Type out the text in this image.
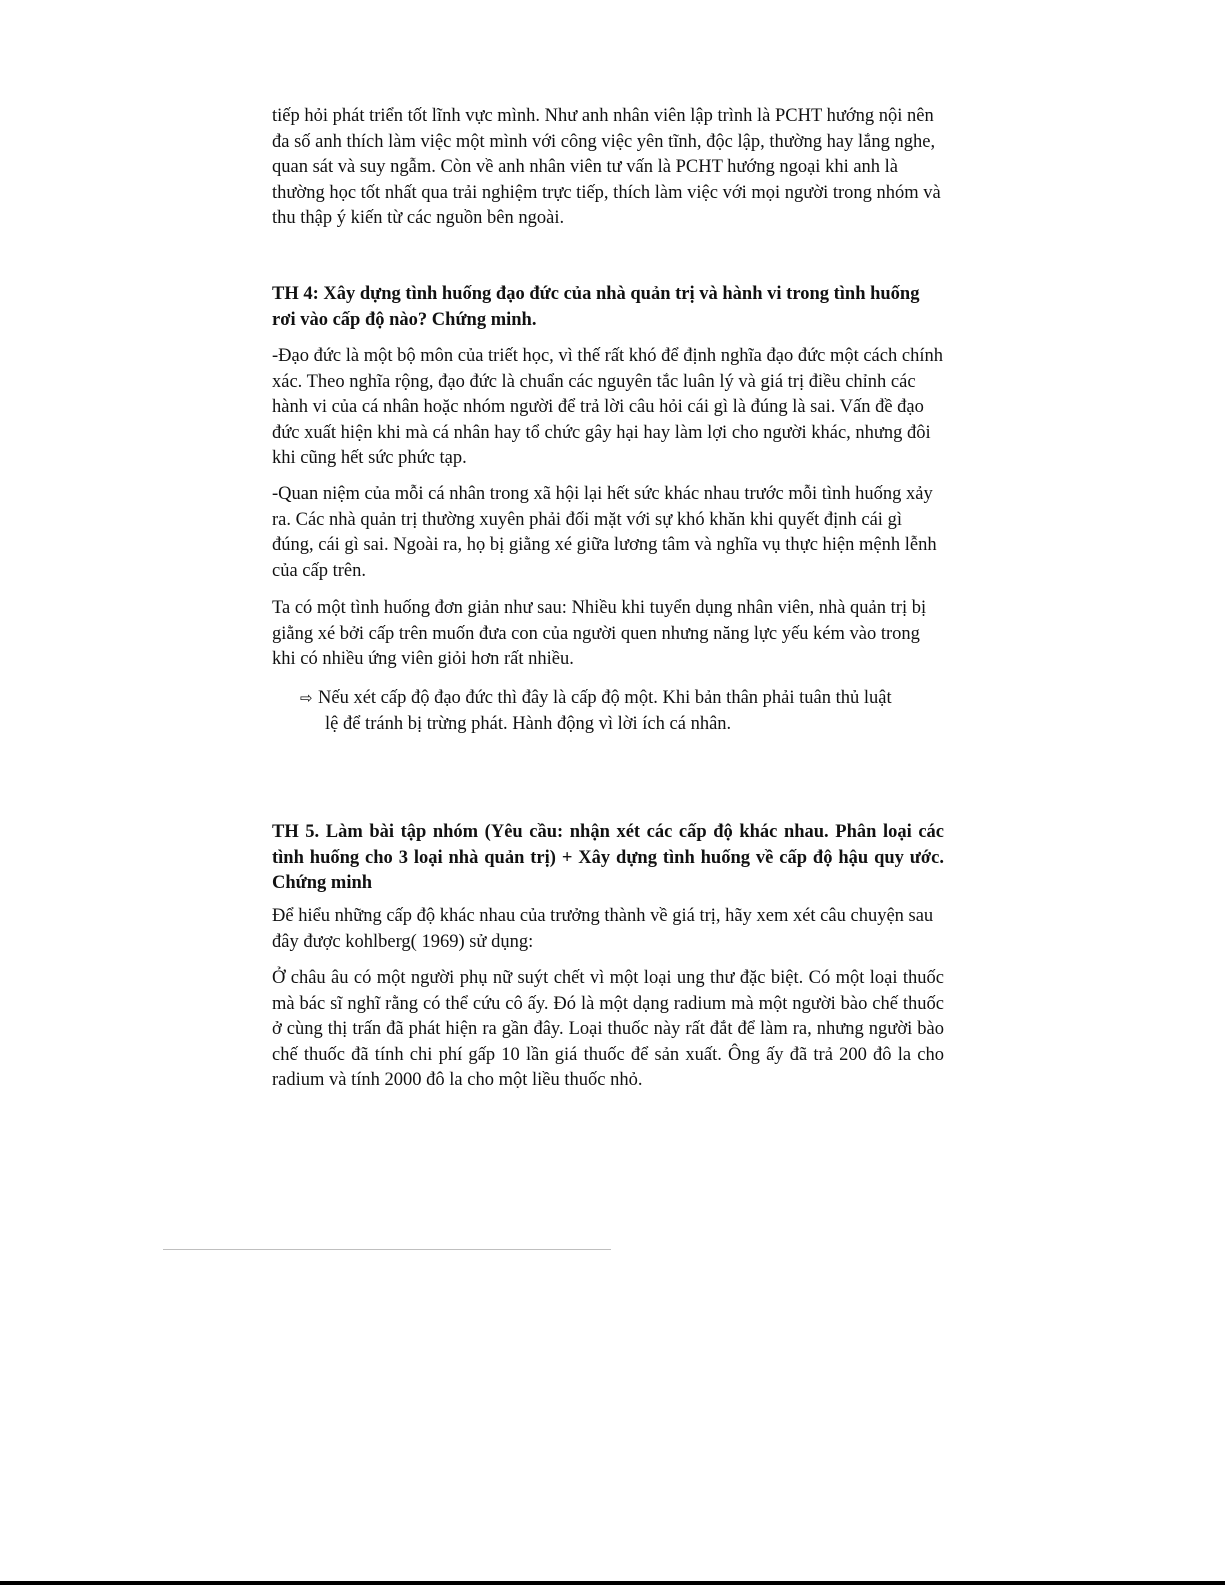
tiếp hỏi phát triển tốt lĩnh vực mình. Như anh nhân viên lập trình là PCHT hướng nội nên đa số anh thích làm việc một mình với công việc yên tĩnh, độc lập, thường hay lắng nghe, quan sát và suy ngẫm. Còn về anh nhân viên tư vấn là PCHT hướng ngoại khi anh là thường học tốt nhất qua trải nghiệm trực tiếp, thích làm việc với mọi người trong nhóm và thu thập ý kiến từ các nguồn bên ngoài.

TH 4: Xây dựng tình huống đạo đức của nhà quản trị và hành vi trong tình huống rơi vào cấp độ nào? Chứng minh.

-Đạo đức là một bộ môn của triết học, vì thế rất khó để định nghĩa đạo đức một cách chính xác. Theo nghĩa rộng, đạo đức là chuẩn các nguyên tắc luân lý và giá trị điều chỉnh các hành vi của cá nhân hoặc nhóm người để trả lời câu hỏi cái gì là đúng là sai. Vấn đề đạo đức xuất hiện khi mà cá nhân hay tổ chức gây hại hay làm lợi cho người khác, nhưng đôi khi cũng hết sức phức tạp.

-Quan niệm của mỗi cá nhân trong xã hội lại hết sức khác nhau trước mỗi tình huống xảy ra. Các nhà quản trị thường xuyên phải đối mặt với sự khó khăn khi quyết định cái gì đúng, cái gì sai. Ngoài ra, họ bị giằng xé giữa lương tâm và nghĩa vụ thực hiện mệnh lễnh của cấp trên.

Ta có một tình huống đơn giản như sau: Nhiều khi tuyển dụng nhân viên, nhà quản trị bị giằng xé bởi cấp trên muốn đưa con của người quen nhưng năng lực yếu kém vào trong khi có nhiều ứng viên giỏi hơn rất nhiều.

⇨ Nếu xét cấp độ đạo đức thì đây là cấp độ một. Khi bản thân phải tuân thủ luật
lệ để tránh bị trừng phát. Hành động vì lời ích cá nhân.

TH 5. Làm bài tập nhóm (Yêu cầu: nhận xét các cấp độ khác nhau. Phân loại các tình huống cho 3 loại nhà quản trị) + Xây dựng tình huống về cấp độ hậu quy ước. Chứng minh

Để hiểu những cấp độ khác nhau của trưởng thành về giá trị, hãy xem xét câu chuyện sau đây được kohlberg( 1969) sử dụng:

Ở châu âu có một người phụ nữ suýt chết vì một loại ung thư đặc biệt. Có một loại thuốc mà bác sĩ nghĩ rằng có thể cứu cô ấy. Đó là một dạng radium mà một người bào chế thuốc ở cùng thị trấn đã phát hiện ra gần đây. Loại thuốc này rất đắt để làm ra, nhưng người bào chế thuốc đã tính chi phí gấp 10 lần giá thuốc để sản xuất. Ông ấy đã trả 200 đô la cho radium và tính 2000 đô la cho một liều thuốc nhỏ.
